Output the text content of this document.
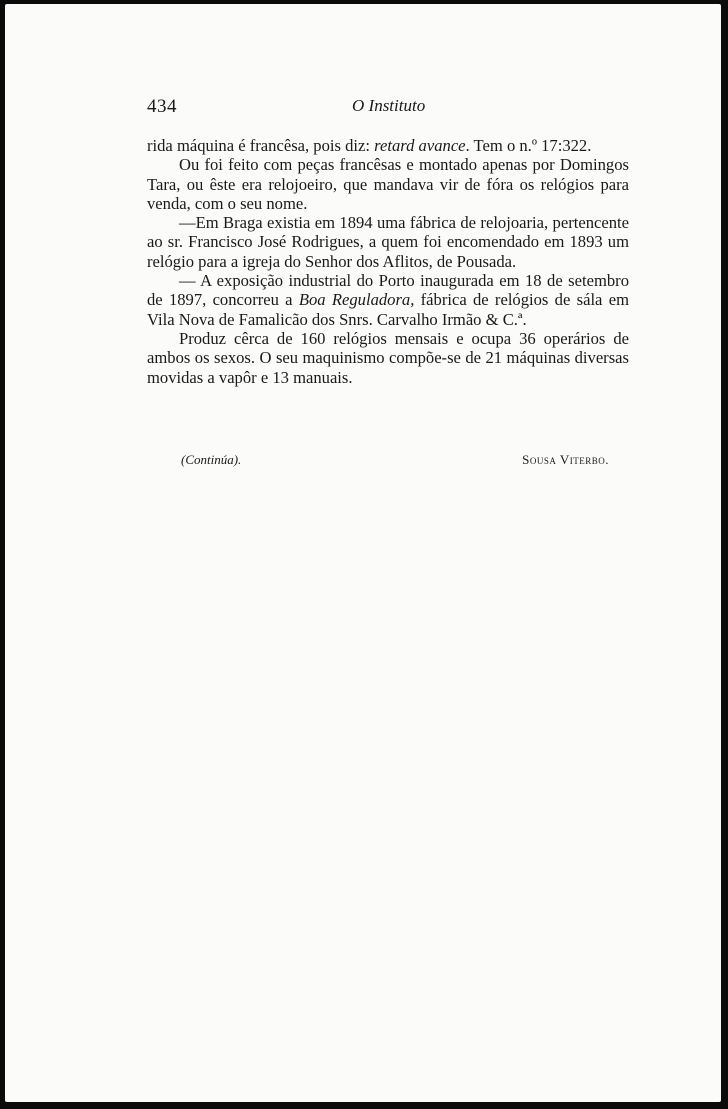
434	O Instituto

rida máquina é francêsa, pois diz: retard avance. Tem o n.º 17:322.

Ou foi feito com peças francêsas e montado apenas por Domingos Tara, ou êste era relojoeiro, que mandava vir de fóra os relógios para venda, com o seu nome.

—Em Braga existia em 1894 uma fábrica de relojoaria, pertencente ao sr. Francisco José Rodrigues, a quem foi encomendado em 1893 um relógio para a igreja do Senhor dos Aflitos, de Pousada.

— A exposição industrial do Porto inaugurada em 18 de setembro de 1897, concorreu a Boa Reguladora, fábrica de relógios de sála em Vila Nova de Famalicão dos Snrs. Carvalho Irmão & C.ª.

Produz cêrca de 160 relógios mensais e ocupa 36 operários de ambos os sexos. O seu maquinismo compõe-se de 21 máquinas diversas movidas a vapôr e 13 manuais.

(Continúa).	Sousa Viterbo.
